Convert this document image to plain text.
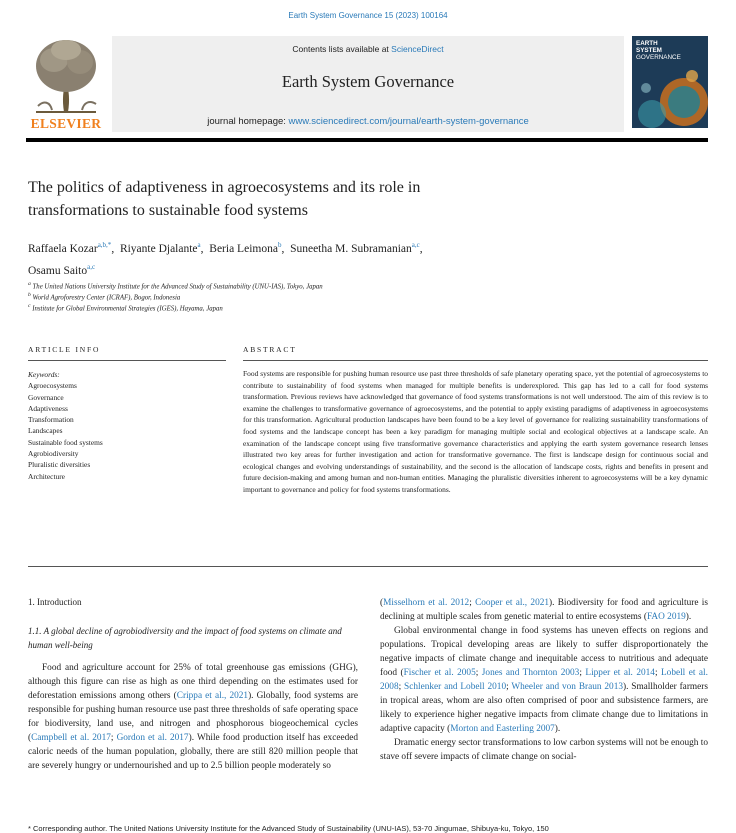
Earth System Governance 15 (2023) 100164
ELSEVIER
Contents lists available at ScienceDirect
Earth System Governance
journal homepage: www.sciencedirect.com/journal/earth-system-governance
EARTH
SYSTEM
GOVERNANCE
The politics of adaptiveness in agroecosystems and its role in
transformations to sustainable food systems
Raffaela Kozar$^{a,b,*}$,  Riyante Djalante$^a$,  Beria Leimona$^b$,  Suneetha M. Subramanian$^{a,c}$,
Osamu Saito$^{a,c}$
$^a$ The United Nations University Institute for the Advanced Study of Sustainability (UNU-IAS), Tokyo, Japan
$^b$ World Agroforestry Center (ICRAF), Bogor, Indonesia
$^c$ Institute for Global Environmental Strategies (IGES), Hayama, Japan
ARTICLE INFO
Keywords:
Agroecosystems
Governance
Adaptiveness
Transformation
Landscapes
Sustainable food systems
Agrobiodiversity
Pluralistic diversities
Architecture
ABSTRACT
Food systems are responsible for pushing human resource use past three thresholds of safe planetary operating space, yet the potential of agroecosystems to contribute to sustainability of food systems when managed for multiple benefits is underexplored. This gap has led to a call for food systems transformation. Previous reviews have acknowledged that governance of food systems transformations is not well understood. The aim of this review is to examine the challenges to transformative governance of agroecosystems, and the potential to apply existing paradigms of adaptiveness in agroecosystems for this transformation. Agricultural production landscapes have been found to be a key level of governance for realizing sustainability transformations of food systems and the landscape concept has been a key paradigm for managing multiple social and ecological objectives at a landscape scale. An examination of the landscape concept using five transformative governance characteristics and applying the earth system governance research lenses illustrated two key areas for further investigation and action for transformative governance. The first is landscape design for continuous social and ecological changes and evolving understandings of sustainability, and the second is the allocation of landscape costs, rights and benefits in present and future decision-making and among human and non-human entities. Managing the pluralistic diversities inherent to agroecosystems will be a key dynamic important to governance and policy for food systems transformations.
1. Introduction
1.1. A global decline of agrobiodiversity and the impact of food systems on climate and human well-being

Food and agriculture account for 25% of total greenhouse gas emissions (GHG), although this figure can rise as high as one third depending on the estimates used for deforestation emissions among others (Crippa et al., 2021). Globally, food systems are responsible for pushing human resource use past three thresholds of safe operating space for biodiversity, land use, and nitrogen and phosphorous biogeochemical cycles (Campbell et al. 2017; Gordon et al. 2017). While food production itself has exceeded caloric needs of the human population, globally, there are still 820 million people that are severely hungry or undernourished and up to 2.5 billion people moderately so

(Misselhorn et al. 2012; Cooper et al., 2021). Biodiversity for food and agriculture is declining at multiple scales from genetic material to entire ecosystems (FAO 2019).

Global environmental change in food systems has uneven effects on regions and populations. Tropical developing areas are likely to suffer disproportionately the negative impacts of climate change and inequitable access to nutritious and adequate food (Fischer et al. 2005; Jones and Thornton 2003; Lipper et al. 2014; Lobell et al. 2008; Schlenker and Lobell 2010; Wheeler and von Braun 2013). Smallholder farmers in tropical areas, whom are also often comprised of poor and subsistence farmers, are likely to experience higher negative impacts from climate change due to limitations in adaptive capacity (Morton and Easterling 2007).

Dramatic energy sector transformations to low carbon systems will not be enough to stave off severe impacts of climate change on social-

* Corresponding author. The United Nations University Institute for the Advanced Study of Sustainability (UNU-IAS), 53-70 Jingumae, Shibuya-ku, Tokyo, 150
